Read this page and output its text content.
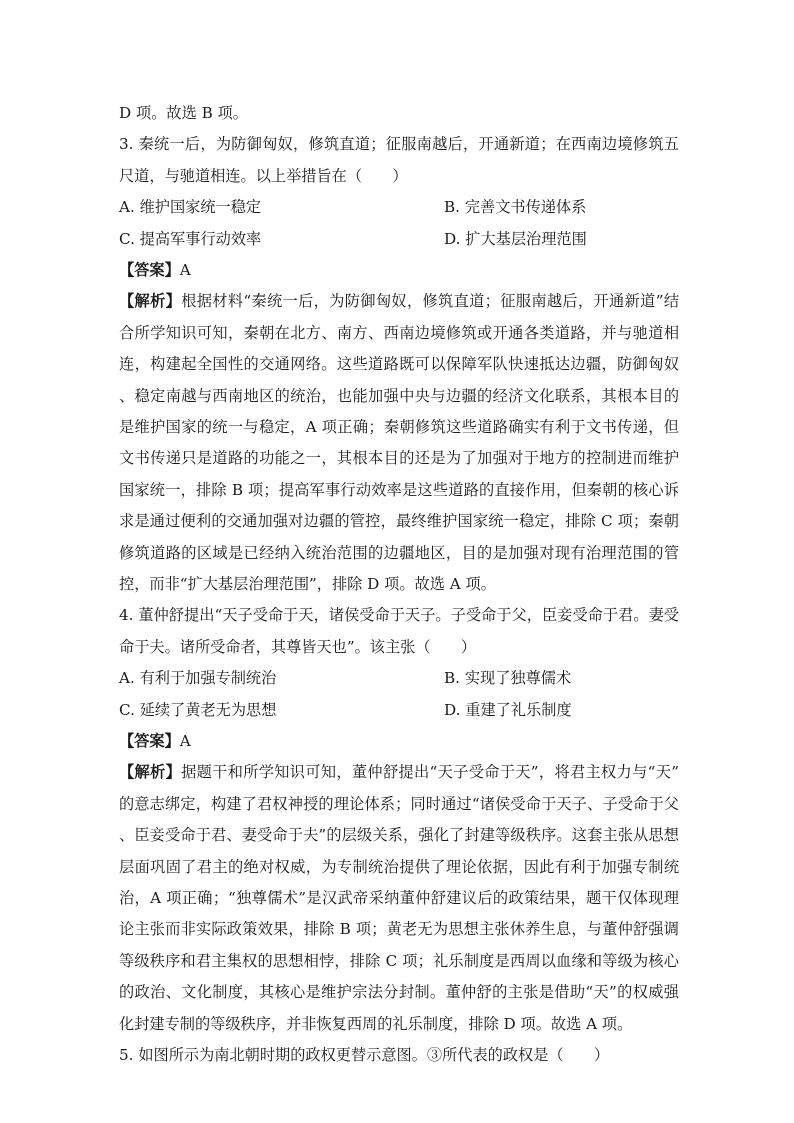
D 项。故选 B 项。
3. 秦统一后，为防御匈奴，修筑直道；征服南越后，开通新道；在西南边境修筑五尺道，与驰道相连。以上举措旨在（　　）
A. 维护国家统一稳定	B. 完善文书传递体系
C. 提高军事行动效率	D. 扩大基层治理范围
【答案】A
【解析】根据材料“秦统一后，为防御匈奴，修筑直道；征服南越后，开通新道”结合所学知识可知，秦朝在北方、南方、西南边境修筑或开通各类道路，并与驰道相连，构建起全国性的交通网络。这些道路既可以保障军队快速抵达边疆，防御匈奴、稳定南越与西南地区的统治，也能加强中央与边疆的经济文化联系，其根本目的是维护国家的统一与稳定，A 项正确；秦朝修筑这些道路确实有利于文书传递，但文书传递只是道路的功能之一，其根本目的还是为了加强对于地方的控制进而维护国家统一，排除 B 项；提高军事行动效率是这些道路的直接作用，但秦朝的核心诉求是通过便利的交通加强对边疆的管控，最终维护国家统一稳定，排除 C 项；秦朝修筑道路的区域是已经纳入统治范围的边疆地区，目的是加强对现有治理范围的管控，而非“扩大基层治理范围”，排除 D 项。故选 A 项。
4. 董仲舒提出“天子受命于天，诸侯受命于天子。子受命于父，臣妾受命于君。妻受命于夫。诸所受命者，其尊皆天也”。该主张（　　）
A. 有利于加强专制统治	B. 实现了独尊儒术
C. 延续了黄老无为思想	D. 重建了礼乐制度
【答案】A
【解析】据题干和所学知识可知，董仲舒提出“天子受命于天”，将君主权力与“天”的意志绑定，构建了君权神授的理论体系；同时通过“诸侯受命于天子、子受命于父、臣妾受命于君、妻受命于夫”的层级关系，强化了封建等级秩序。这套主张从思想层面巩固了君主的绝对权威，为专制统治提供了理论依据，因此有利于加强专制统治，A 项正确；“独尊儒术”是汉武帝采纳董仲舒建议后的政策结果，题干仅体现理论主张而非实际政策效果，排除 B 项；黄老无为思想主张休养生息，与董仲舒强调等级秩序和君主集权的思想相悖，排除 C 项；礼乐制度是西周以血缘和等级为核心的政治、文化制度，其核心是维护宗法分封制。董仲舒的主张是借助“天”的权威强化封建专制的等级秩序，并非恢复西周的礼乐制度，排除 D 项。故选 A 项。
5. 如图所示为南北朝时期的政权更替示意图。③所代表的政权是（　　）
